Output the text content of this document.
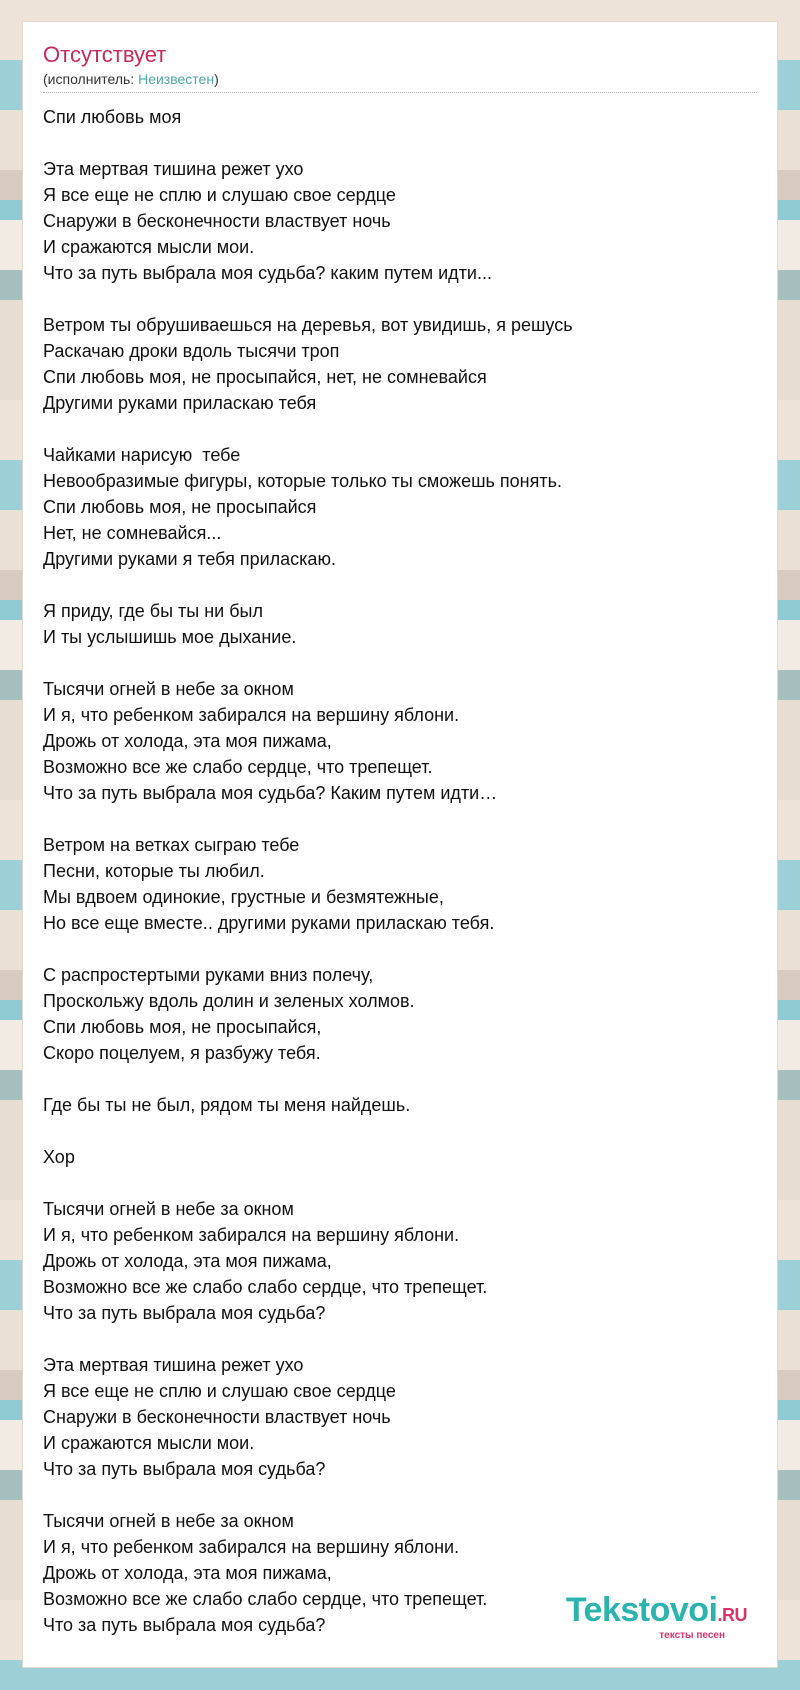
Отсутствует
(исполнитель: Неизвестен)
Спи любовь моя
Эта мертвая тишина режет ухо
Я все еще не сплю и слушаю свое сердце
Снаружи в бесконечности властвует ночь
И сражаются мысли мои.
Что за путь выбрала моя судьба? каким путем идти...
Ветром ты обрушиваешься на деревья, вот увидишь, я решусь
Раскачаю дроки вдоль тысячи троп
Спи любовь моя, не просыпайся, нет, не сомневайся
Другими руками приласкаю тебя
Чайками нарисую  тебе
Невообразимые фигуры, которые только ты сможешь понять.
Спи любовь моя, не просыпайся
Нет, не сомневайся...
Другими руками я тебя приласкаю.
Я приду, где бы ты ни был
И ты услышишь мое дыхание.
Тысячи огней в небе за окном
И я, что ребенком забирался на вершину яблони.
Дрожь от холода, эта моя пижама,
Возможно все же слабо сердце, что трепещет.
Что за путь выбрала моя судьба? Каким путем идти…
Ветром на ветках сыграю тебе
Песни, которые ты любил.
Мы вдвоем одинокие, грустные и безмятежные,
Но все еще вместе.. другими руками приласкаю тебя.
С распростертыми руками вниз полечу,
Проскольжу вдоль долин и зеленых холмов.
Спи любовь моя, не просыпайся,
Скоро поцелуем, я разбужу тебя.
Где бы ты не был, рядом ты меня найдешь.
Хор
Тысячи огней в небе за окном
И я, что ребенком забирался на вершину яблони.
Дрожь от холода, эта моя пижама,
Возможно все же слабо слабо сердце, что трепещет.
Что за путь выбрала моя судьба?
Эта мертвая тишина режет ухо
Я все еще не сплю и слушаю свое сердце
Снаружи в бесконечности властвует ночь
И сражаются мысли мои.
Что за путь выбрала моя судьба?
Тысячи огней в небе за окном
И я, что ребенком забирался на вершину яблони.
Дрожь от холода, эта моя пижама,
Возможно все же слабо слабо сердце, что трепещет.
Что за путь выбрала моя судьба?	Tekstovoi.RU
тексты песен
